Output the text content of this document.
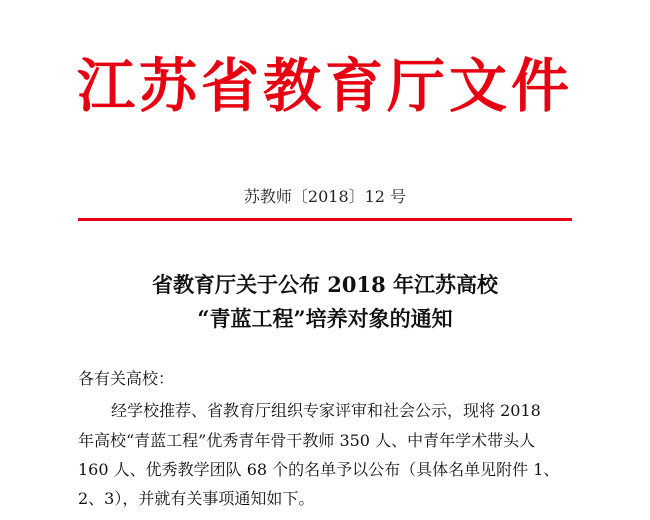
江苏省教育厅文件
苏教师〔2018〕12 号
省教育厅关于公布 2018 年江苏高校
“青蓝工程”培养对象的通知
各有关高校：
经学校推荐、省教育厅组织专家评审和社会公示，现将 2018
年高校“青蓝工程”优秀青年骨干教师 350 人、中青年学术带头人
160 人、优秀教学团队 68 个的名单予以公布（具体名单见附件 1、
2、3），并就有关事项通知如下。
